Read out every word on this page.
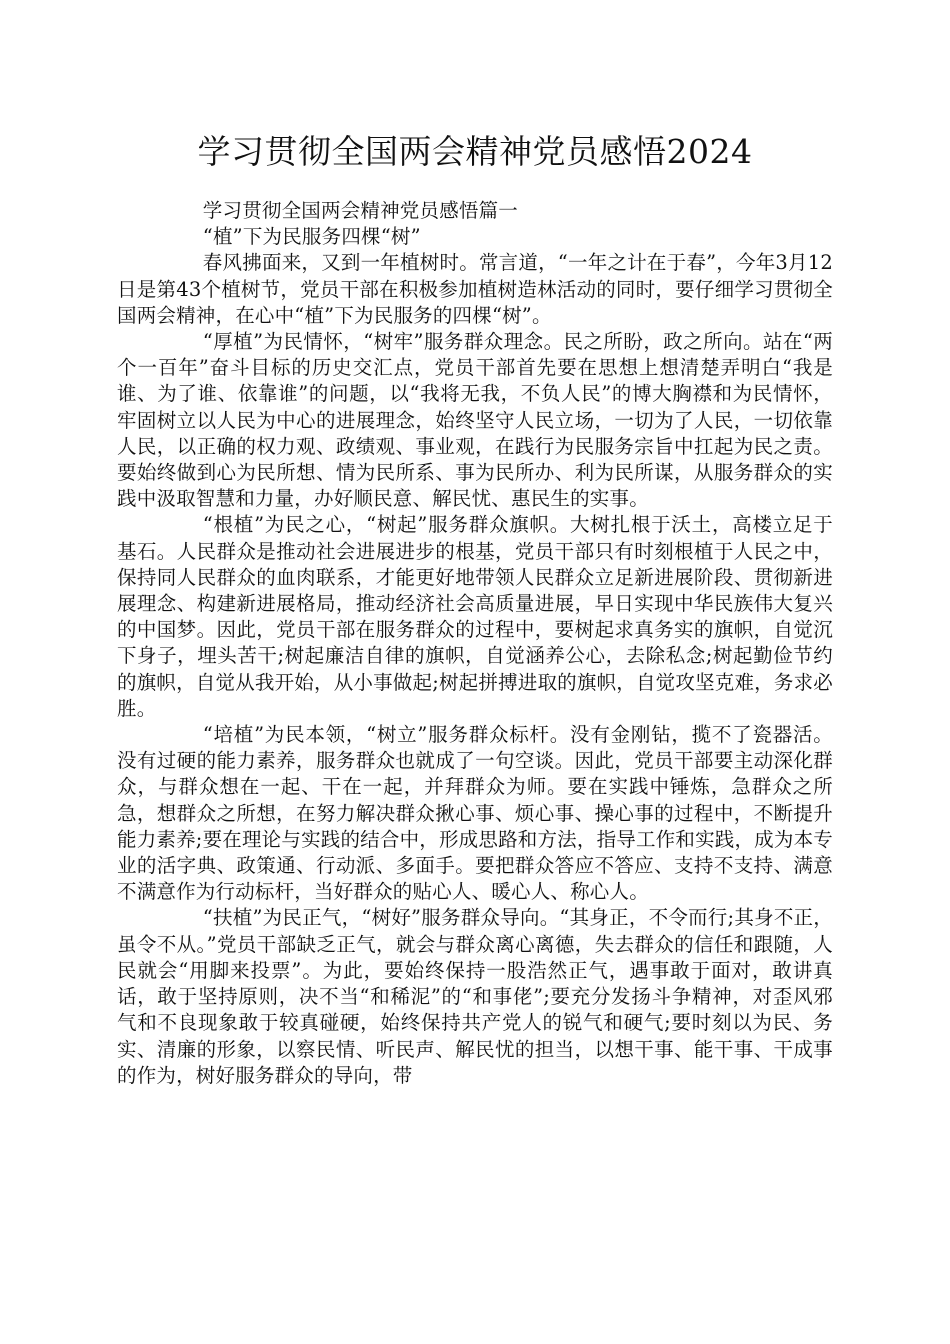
学习贯彻全国两会精神党员感悟2024

学习贯彻全国两会精神党员感悟篇一

“植”下为民服务四棵“树”

春风拂面来，又到一年植树时。常言道，“一年之计在于春”，今年3月12日是第43个植树节，党员干部在积极参加植树造林活动的同时，要仔细学习贯彻全国两会精神，在心中“植”下为民服务的四棵“树”。

“厚植”为民情怀，“树牢”服务群众理念。民之所盼，政之所向。站在“两个一百年”奋斗目标的历史交汇点，党员干部首先要在思想上想清楚弄明白“我是谁、为了谁、依靠谁”的问题，以“我将无我，不负人民”的博大胸襟和为民情怀，牢固树立以人民为中心的进展理念，始终坚守人民立场，一切为了人民，一切依靠人民，以正确的权力观、政绩观、事业观，在践行为民服务宗旨中扛起为民之责。要始终做到心为民所想、情为民所系、事为民所办、利为民所谋，从服务群众的实践中汲取智慧和力量，办好顺民意、解民忧、惠民生的实事。

“根植”为民之心，“树起”服务群众旗帜。大树扎根于沃土，高楼立足于基石。人民群众是推动社会进展进步的根基，党员干部只有时刻根植于人民之中，保持同人民群众的血肉联系，才能更好地带领人民群众立足新进展阶段、贯彻新进展理念、构建新进展格局，推动经济社会高质量进展，早日实现中华民族伟大复兴的中国梦。因此，党员干部在服务群众的过程中，要树起求真务实的旗帜，自觉沉下身子，埋头苦干;树起廉洁自律的旗帜，自觉涵养公心，去除私念;树起勤俭节约的旗帜，自觉从我开始，从小事做起;树起拼搏进取的旗帜，自觉攻坚克难，务求必胜。

“培植”为民本领，“树立”服务群众标杆。没有金刚钻，揽不了瓷器活。没有过硬的能力素养，服务群众也就成了一句空谈。因此，党员干部要主动深化群众，与群众想在一起、干在一起，并拜群众为师。要在实践中锤炼，急群众之所急，想群众之所想，在努力解决群众揪心事、烦心事、操心事的过程中，不断提升能力素养;要在理论与实践的结合中，形成思路和方法，指导工作和实践，成为本专业的活字典、政策通、行动派、多面手。要把群众答应不答应、支持不支持、满意不满意作为行动标杆，当好群众的贴心人、暖心人、称心人。

“扶植”为民正气，“树好”服务群众导向。“其身正，不令而行;其身不正，虽令不从。”党员干部缺乏正气，就会与群众离心离德，失去群众的信任和跟随，人民就会“用脚来投票”。为此，要始终保持一股浩然正气，遇事敢于面对，敢讲真话，敢于坚持原则，决不当“和稀泥”的“和事佬”;要充分发扬斗争精神，对歪风邪气和不良现象敢于较真碰硬，始终保持共产党人的锐气和硬气;要时刻以为民、务实、清廉的形象，以察民情、听民声、解民忧的担当，以想干事、能干事、干成事的作为，树好服务群众的导向，带
